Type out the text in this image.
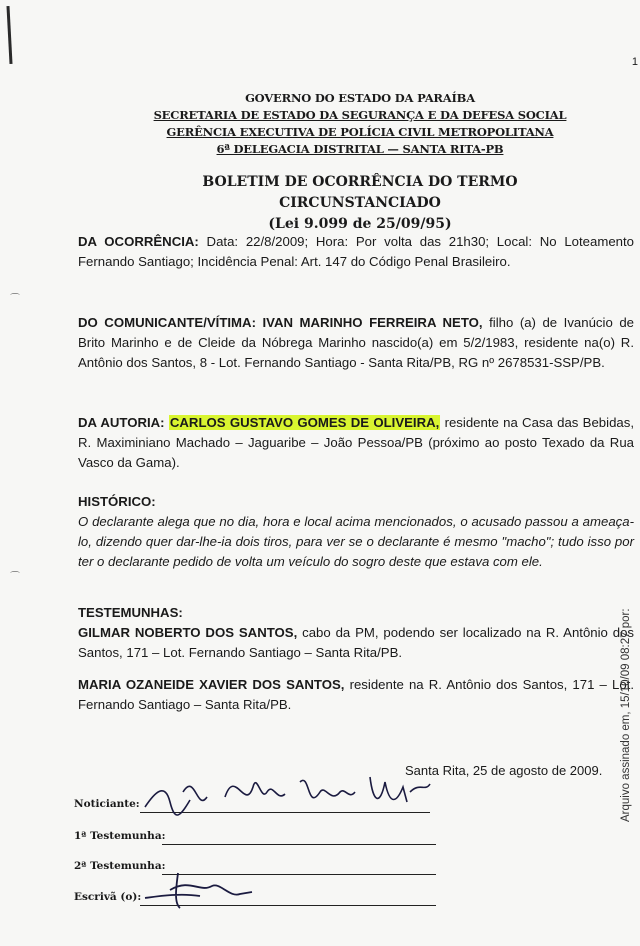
1
⌒
⌒
GOVERNO DO ESTADO DA PARAÍBA
SECRETARIA DE ESTADO DA SEGURANÇA E DA DEFESA SOCIAL
GERÊNCIA EXECUTIVA DE POLÍCIA CIVIL METROPOLITANA
6ª DELEGACIA DISTRITAL — SANTA RITA-PB
BOLETIM DE OCORRÊNCIA DO TERMO CIRCUNSTANCIADO
(Lei 9.099 de 25/09/95)
DA OCORRÊNCIA: Data: 22/8/2009; Hora: Por volta das 21h30; Local: No Loteamento Fernando Santiago; Incidência Penal: Art. 147 do Código Penal Brasileiro.
DO COMUNICANTE/VÍTIMA: IVAN MARINHO FERREIRA NETO, filho (a) de Ivanúcio de Brito Marinho e de Cleide da Nóbrega Marinho nascido(a) em 5/2/1983, residente na(o) R. Antônio dos Santos, 8 - Lot. Fernando Santiago - Santa Rita/PB, RG nº 2678531-SSP/PB.
DA AUTORIA: CARLOS GUSTAVO GOMES DE OLIVEIRA, residente na Casa das Bebidas, R. Maximiniano Machado – Jaguaribe – João Pessoa/PB (próximo ao posto Texado da Rua Vasco da Gama).
HISTÓRICO:
O declarante alega que no dia, hora e local acima mencionados, o acusado passou a ameaça-lo, dizendo quer dar-lhe-ia dois tiros, para ver se o declarante é mesmo "macho"; tudo isso por ter o declarante pedido de volta um veículo do sogro deste que estava com ele.
TESTEMUNHAS:
GILMAR NOBERTO DOS SANTOS, cabo da PM, podendo ser localizado na R. Antônio dos Santos, 171 – Lot. Fernando Santiago – Santa Rita/PB.
MARIA OZANEIDE XAVIER DOS SANTOS, residente na R. Antônio dos Santos, 171 – Lot. Fernando Santiago – Santa Rita/PB.
Santa Rita, 25 de agosto de 2009.
Noticiante:
1ª Testemunha:
2ª Testemunha:
Escrivã (o):
Arquivo assinado em, 15/10/09 08:27 por:
